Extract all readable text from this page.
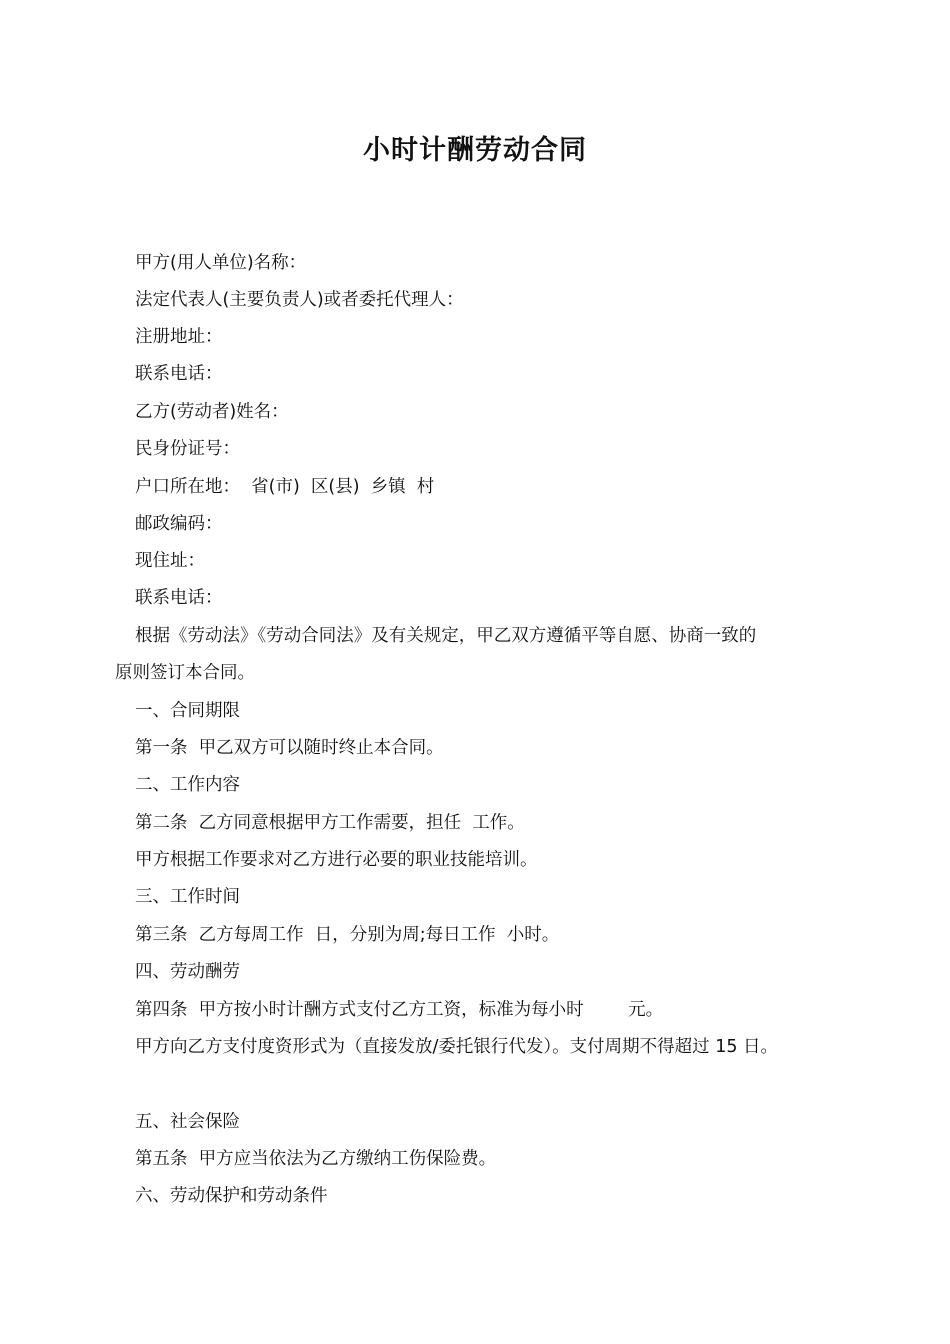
小时计酬劳动合同
甲方(用人单位)名称：
法定代表人(主要负责人)或者委托代理人：
注册地址：
联系电话：
乙方(劳动者)姓名：
民身份证号：
户口所在地：  省(市)  区(县)  乡镇  村
邮政编码：
现住址：
联系电话：
根据《劳动法》《劳动合同法》及有关规定，甲乙双方遵循平等自愿、协商一致的
原则签订本合同。
一、合同期限
第一条  甲乙双方可以随时终止本合同。
二、工作内容
第二条  乙方同意根据甲方工作需要，担任  工作。
甲方根据工作要求对乙方进行必要的职业技能培训。
三、工作时间
第三条  乙方每周工作  日，分别为周;每日工作  小时。
四、劳动酬劳
第四条  甲方按小时计酬方式支付乙方工资，标准为每小时        元。
甲方向乙方支付度资形式为（直接发放/委托银行代发）。支付周期不得超过 15 日。
五、社会保险
第五条  甲方应当依法为乙方缴纳工伤保险费。
六、劳动保护和劳动条件
